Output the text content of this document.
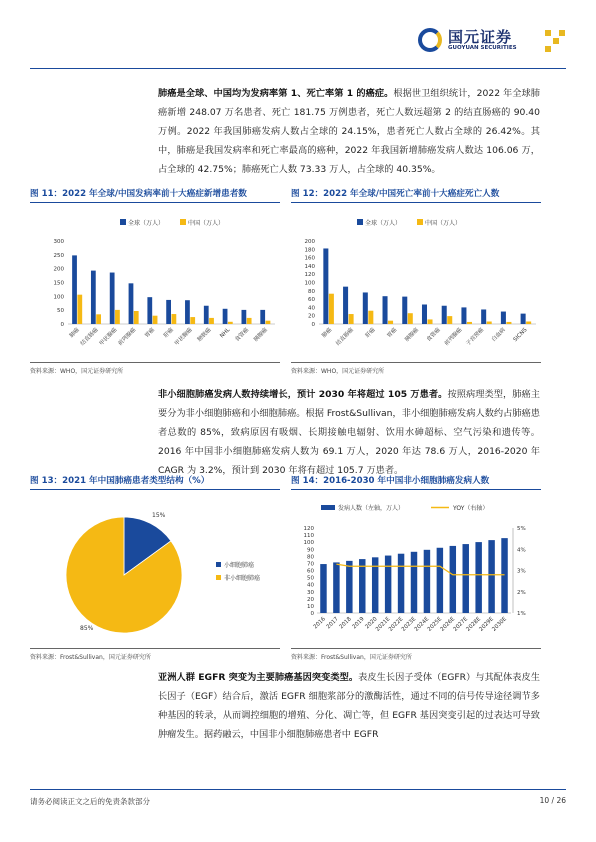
国元证券
GUOYUAN SECURITIES
肺癌是全球、中国均为发病率第 1、死亡率第 1 的癌症。根据世卫组织统计，2022 年全球肺癌新增 248.07 万名患者、死亡 181.75 万例患者，死亡人数远超第 2 的结直肠癌的 90.40 万例。2022 年我国肺癌发病人数占全球的 24.15%，患者死亡人数占全球的 26.42%。其中，肺癌是我国发病率和死亡率最高的癌种，2022 年我国新增肺癌发病人数达 106.06 万，占全球的 42.75%；肺癌死亡人数 73.33 万人，占全球的 40.35%。
图 11：2022 年全球/中国发病率前十大癌症新增患者数	图 12：2022 年全球/中国死亡率前十大癌症死亡人数
全球（万人）	中国（万人）
0
50
100
150
200
250
300
肺癌 结直肠癌 甲状腺癌 前列腺癌 胃癌 肝癌 甲状腺癌 膀胱癌 NHL 食管癌 胰腺癌
全球（万人）	中国（万人）
0
20
40
60
80
100
120
140
160
180
200
肺癌 结直肠癌 肝癌 胃癌 胰腺癌 食管癌 前列腺癌 子宫颈癌 白血病 SICNS
资料来源：WHO，国元证券研究所	资料来源：WHO，国元证券研究所
非小细胞肺癌发病人数持续增长，预计 2030 年将超过 105 万患者。按照病理类型，肺癌主要分为非小细胞肺癌和小细胞肺癌。根据 Frost&Sullivan，非小细胞肺癌发病人数约占肺癌患者总数的 85%，致病原因有吸烟、长期接触电辐射、饮用水砷超标、空气污染和遗传等。2016 年中国非小细胞肺癌发病人数为 69.1 万人，2020 年达 78.6 万人，2016-2020 年 CAGR 为 3.2%，预计到 2030 年将有超过 105.7 万患者。
图 13：2021 年中国肺癌患者类型结构（%）	图 14：2016-2030 年中国非小细胞肺癌发病人数
15%
85%
小细胞肺癌
非小细胞肺癌
发病人数（左轴，万人）	YOY（右轴）
0
10
20
30
40
50
60
70
80
90
100
110
120
1%
2%
3%
4%
5%
2016
2017
2018
2019
2020
2021E
2022E
2023E
2024E
2025E
2026E
2027E
2028E
2029E
2030E
资料来源：Frost&Sullivan，国元证券研究所	资料来源：Frost&Sullivan，国元证券研究所
亚洲人群 EGFR 突变为主要肺癌基因突变类型。表皮生长因子受体（EGFR）与其配体表皮生长因子（EGF）结合后，激活 EGFR 细胞浆部分的激酶活性，通过不同的信号传导途径调节多种基因的转录，从而调控细胞的增殖、分化、凋亡等，但 EGFR 基因突变引起的过表达可导致肿瘤发生。据药融云，中国非小细胞肺癌患者中 EGFR
请务必阅读正文之后的免责条款部分	10 / 26
